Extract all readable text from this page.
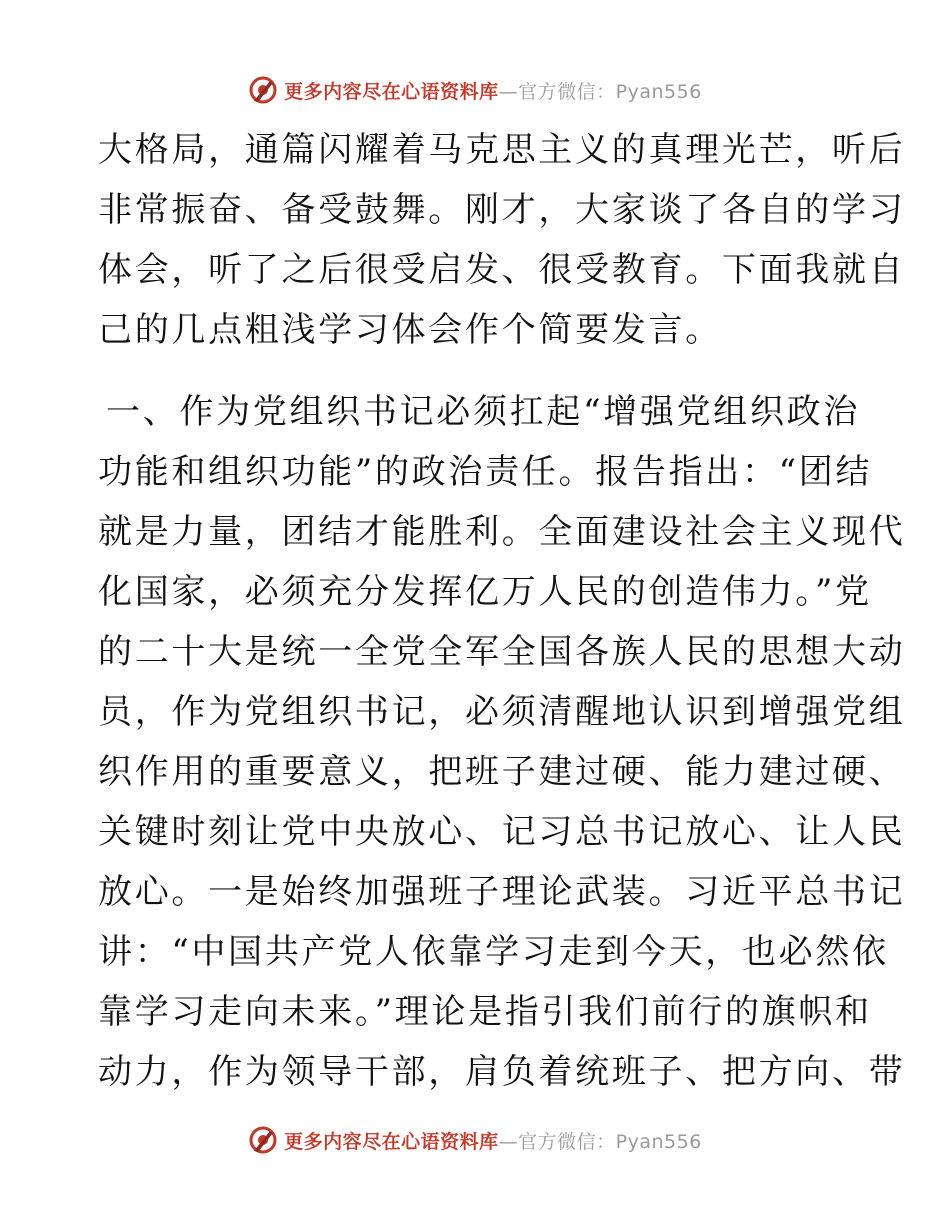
更多内容尽在心语资料库—官方微信：Pyan556
大格局，通篇闪耀着马克思主义的真理光芒，听后
非常振奋、备受鼓舞。刚才，大家谈了各自的学习
体会，听了之后很受启发、很受教育。下面我就自
己的几点粗浅学习体会作个简要发言。
一、作为党组织书记必须扛起“增强党组织政治
功能和组织功能”的政治责任。报告指出：“团结
就是力量，团结才能胜利。全面建设社会主义现代
化国家，必须充分发挥亿万人民的创造伟力。”党
的二十大是统一全党全军全国各族人民的思想大动
员，作为党组织书记，必须清醒地认识到增强党组
织作用的重要意义，把班子建过硬、能力建过硬、
关键时刻让党中央放心、记习总书记放心、让人民
放心。一是始终加强班子理论武装。习近平总书记
讲：“中国共产党人依靠学习走到今天，也必然依
靠学习走向未来。”理论是指引我们前行的旗帜和
动力，作为领导干部，肩负着统班子、把方向、带
更多内容尽在心语资料库—官方微信：Pyan556
